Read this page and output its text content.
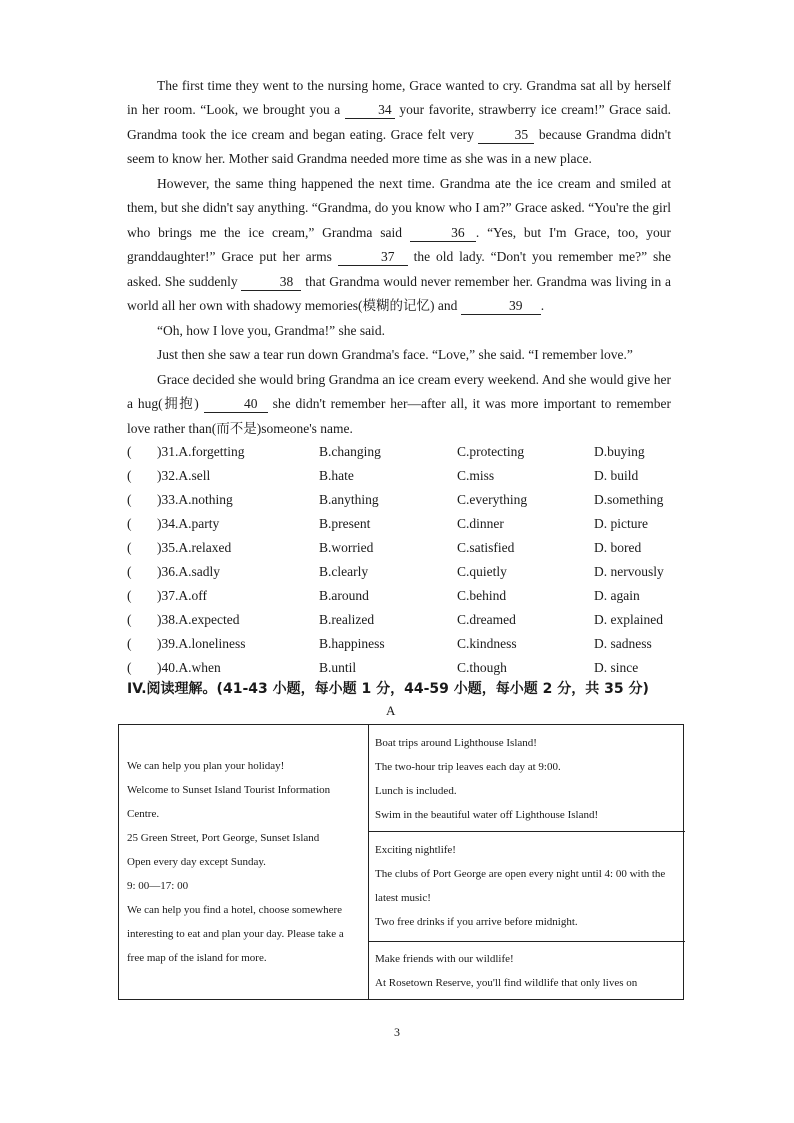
The first time they went to the nursing home, Grace wanted to cry. Grandma sat all by herself in her room. “Look, we brought you a 34 your favorite, strawberry ice cream!” Grace said. Grandma took the ice cream and began eating. Grace felt very	35 because Grandma didn't seem to know her. Mother said Grandma needed more time as she was in a new place.

However, the same thing happened the next time. Grandma ate the ice cream and smiled at them, but she didn't say anything. “Grandma, do you know who I am?” Grace asked. “You're the girl who brings me the ice cream,” Grandma said	36 . “Yes, but I'm Grace, too, your granddaughter!” Grace put her arms	37 the old lady. “Don't you remember me?” she asked. She suddenly	38 that Grandma would never remember her. Grandma was living in a world all her own with shadowy memories(模糊的记忆) and	39 .

“Oh, how I love you, Grandma!” she said.

Just then she saw a tear run down Grandma's face. “Love,” she said. “I remember love.”

Grace decided she would bring Grandma an ice cream every weekend. And she would give her a hug(拥抱)	40 she didn't remember her—after all, it was more important to remember love rather than(而不是)someone's name.

( )31.A.forgetting	B.changing	C.protecting	D.buying
( )32.A.sell	B.hate	C.miss	D. build
( )33.A.nothing	B.anything	C.everything	D.something
( )34.A.party	B.present	C.dinner	D. picture
( )35.A.relaxed	B.worried	C.satisfied	D. bored
( )36.A.sadly	B.clearly	C.quietly	D. nervously
( )37.A.off	B.around	C.behind	D. again
( )38.A.expected	B.realized	C.dreamed	D. explained
( )39.A.loneliness	B.happiness	C.kindness	D. sadness
( )40.A.when	B.until	C.though	D. since
IV.阅读理解。(41-43 小题，每小题 1 分，44-59 小题，每小题 2 分，共 35 分)
A

We can help you plan your holiday!

Welcome to Sunset Island Tourist Information Centre.

25 Green Street, Port George, Sunset Island

Open every day except Sunday.

9: 00—17: 00

We can help you find a hotel, choose somewhere interesting to eat and plan your day. Please take a free map of the island for more.

Boat trips around Lighthouse Island!

The two-hour trip leaves each day at 9:00.

Lunch is included.

Swim in the beautiful water off Lighthouse Island!

Exciting nightlife!

The clubs of Port George are open every night until 4: 00 with the latest music!

Two free drinks if you arrive before midnight.

Make friends with our wildlife!

At Rosetown Reserve, you'll find wildlife that only lives on

3
